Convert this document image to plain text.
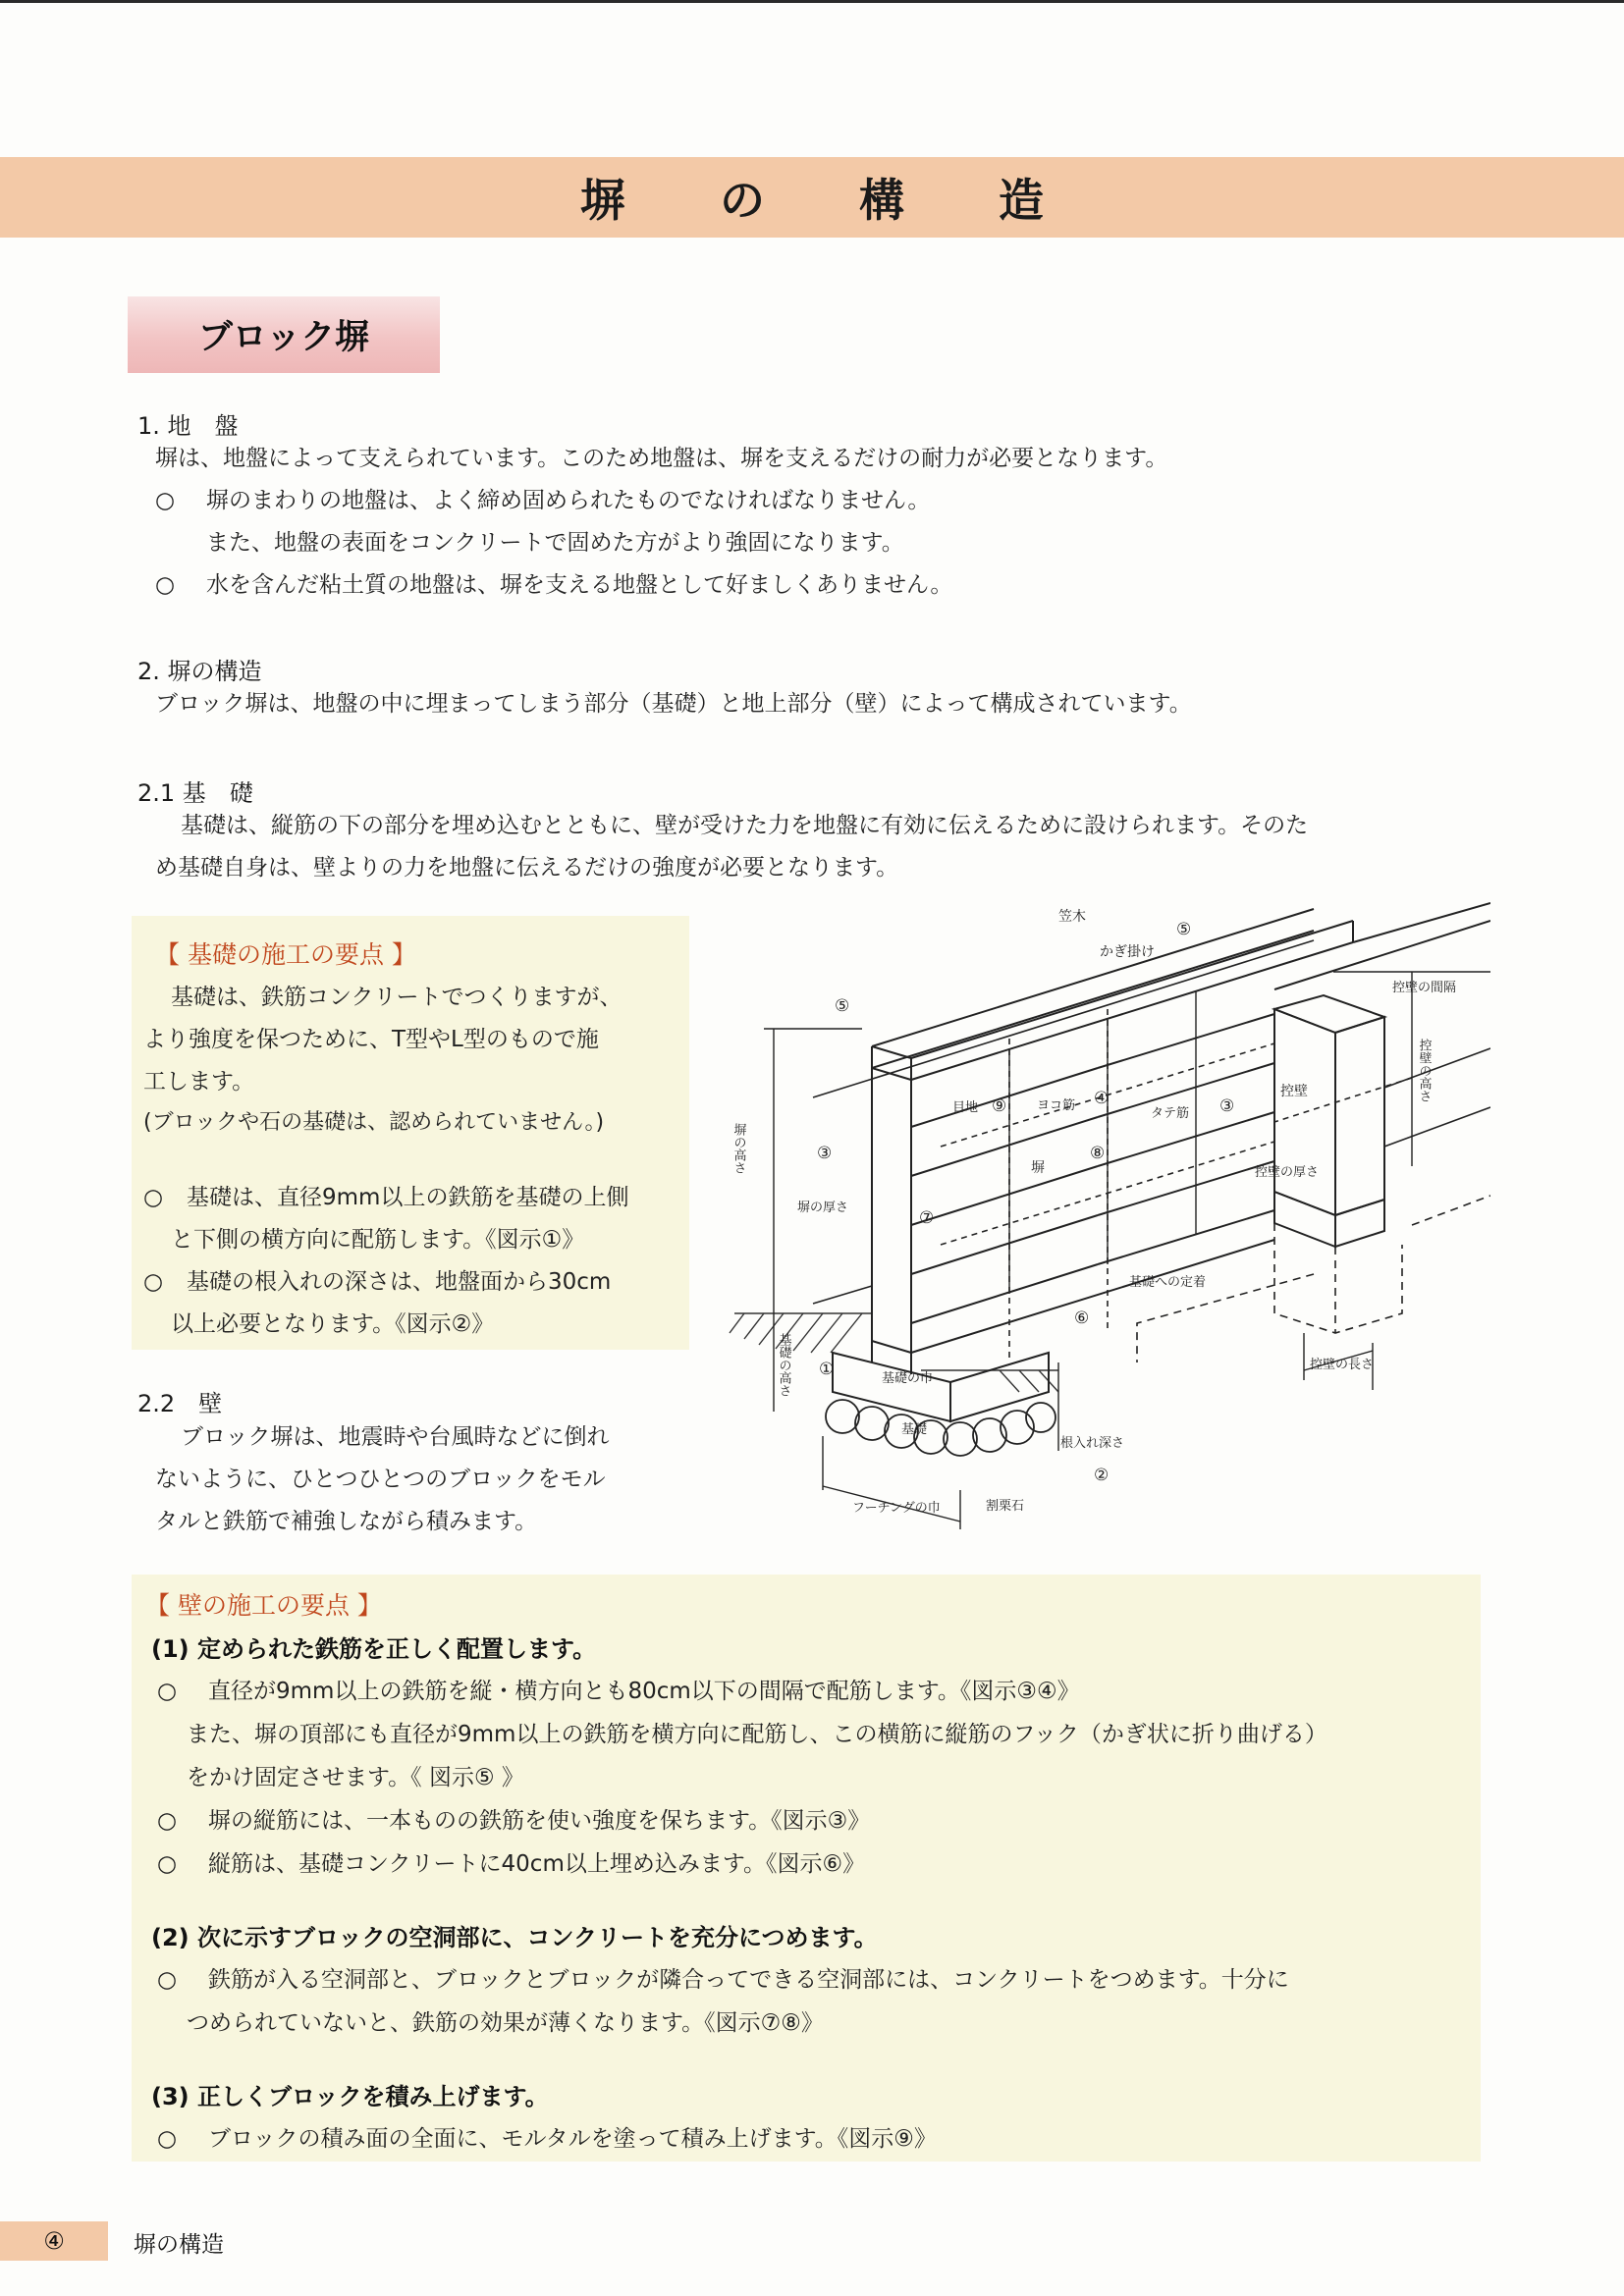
塀 の 構 造
ブロック塀
1. 地　盤
塀は、地盤によって支えられています。このため地盤は、塀を支えるだけの耐力が必要となります。
○ 塀のまわりの地盤は、よく締め固められたものでなければなりません。
また、地盤の表面をコンクリートで固めた方がより強固になります。
○ 水を含んだ粘土質の地盤は、塀を支える地盤として好ましくありません。
2. 塀の構造
ブロック塀は、地盤の中に埋まってしまう部分（基礎）と地上部分（壁）によって構成されています。
2.1 基　礎
基礎は、縦筋の下の部分を埋め込むとともに、壁が受けた力を地盤に有効に伝えるために設けられます。そのた
め基礎自身は、壁よりの力を地盤に伝えるだけの強度が必要となります。
【 基礎の施工の要点 】
基礎は、鉄筋コンクリートでつくりますが、
より強度を保つために、T型やL型のもので施
工します。
(ブロックや石の基礎は、認められていません。)
○ 基礎は、直径9mm以上の鉄筋を基礎の上側
と下側の横方向に配筋します。《図示①》
○ 基礎の根入れの深さは、地盤面から30cm
以上必要となります。《図示②》
2.2　壁
ブロック塀は、地震時や台風時などに倒れ
ないように、ひとつひとつのブロックをモル
タルと鉄筋で補強しながら積みます。
笠木
⑤
かぎ掛け
⑤
控壁の間隔
控壁の高さ
控壁
目地 ⑨ ヨコ筋 ④
タテ筋 ③
③
塀
⑧
控壁の厚さ
塀の高さ
塀の厚さ
⑦
基礎への定着
⑥
基礎の高さ ①	基礎の巾
基礎
根入れ深さ
②
フーチングの巾	割栗石
控壁の長さ
【 壁の施工の要点 】
(1) 定められた鉄筋を正しく配置します。
○ 直径が9mm以上の鉄筋を縦・横方向とも80cm以下の間隔で配筋します。《図示③④》
また、塀の頂部にも直径が9mm以上の鉄筋を横方向に配筋し、この横筋に縦筋のフック（かぎ状に折り曲げる）
をかけ固定させます。《 図示⑤ 》
○ 塀の縦筋には、一本ものの鉄筋を使い強度を保ちます。《図示③》
○ 縦筋は、基礎コンクリートに40cm以上埋め込みます。《図示⑥》
(2) 次に示すブロックの空洞部に、コンクリートを充分につめます。
○ 鉄筋が入る空洞部と、ブロックとブロックが隣合ってできる空洞部には、コンクリートをつめます。十分に
つめられていないと、鉄筋の効果が薄くなります。《図示⑦⑧》
(3) 正しくブロックを積み上げます。
○ ブロックの積み面の全面に、モルタルを塗って積み上げます。《図示⑨》
④	塀の構造
